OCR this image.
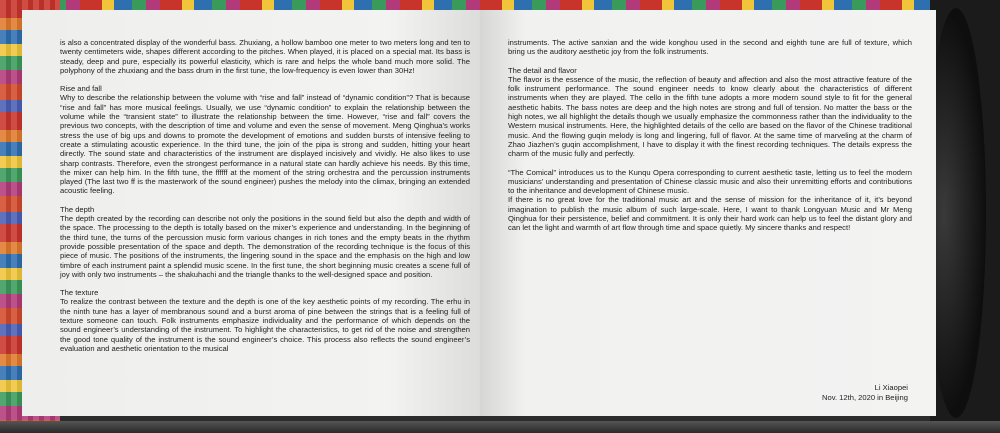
is also a concentrated display of the wonderful bass. Zhuxiang, a hollow bamboo one meter to two meters long and ten to twenty centimeters wide, shapes different according to the pitches. When played, it is placed on a special mat. Its bass is steady, deep and pure, especially its powerful elasticity, which is rare and helps the whole band much more solid. The polyphony of the zhuxiang and the bass drum in the first tune, the low-frequency is even lower than 30Hz!

Rise and fall

Why to describe the relationship between the volume with “rise and fall” instead of “dynamic condition”? That is because “rise and fall” has more musical feelings. Usually, we use “dynamic condition” to explain the relationship between the volume while the “transient state” to illustrate the relationship between the time. However, “rise and fall” covers the previous two concepts, with the description of time and volume and even the sense of movement. Meng Qinghua’s works stress the use of big ups and downs to promote the development of emotions and sudden bursts of intensive feeling to create a stimulating acoustic experience. In the third tune, the join of the pipa is strong and sudden, hitting your heart directly. The sound state and characteristics of the instrument are displayed incisively and vividly. He also likes to use sharp contrasts. Therefore, even the strongest performance in a natural state can hardly achieve his needs. By this time, the mixer can help him. In the fifth tune, the ffffff at the moment of the string orchestra and the percussion instruments played (The last two ff is the masterwork of the sound engineer) pushes the melody into the climax, bringing an extended acoustic feeling.

The depth

The depth created by the recording can describe not only the positions in the sound field but also the depth and width of the space. The processing to the depth is totally based on the mixer’s experience and understanding. In the beginning of the third tune, the turns of the percussion music form various changes in rich tones and the empty beats in the rhythm provide possible presentation of the space and depth. The demonstration of the recording technique is the focus of this piece of music. The positions of the instruments, the lingering sound in the space and the emphasis on the high and low timbre of each instrument paint a splendid music scene. In the first tune, the short beginning music creates a scene full of joy with only two instruments – the shakuhachi and the triangle thanks to the well-designed space and position.

The texture

To realize the contrast between the texture and the depth is one of the key aesthetic points of my recording. The erhu in the ninth tune has a layer of membranous sound and a burst aroma of pine between the strings that is a feeling full of texture someone can touch. Folk instruments emphasize individuality and the performance of which depends on the sound engineer’s understanding of the instrument. To highlight the characteristics, to get rid of the noise and strengthen the good tone quality of the instrument is the sound engineer’s choice. This process also reflects the sound engineer’s evaluation and aesthetic orientation to the musical

instruments. The active sanxian and the wide konghou used in the second and eighth tune are full of texture, which bring us the auditory aesthetic joy from the folk instruments.

The detail and flavor

The flavor is the essence of the music, the reflection of beauty and affection and also the most attractive feature of the folk instrument performance. The sound engineer needs to know clearly about the characteristics of different instruments when they are played. The cello in the fifth tune adopts a more modern sound style to fit for the general aesthetic habits. The bass notes are deep and the high notes are strong and full of tension. No matter the bass or the high notes, we all highlight the details though we usually emphasize the commonness rather than the individuality to the Western musical instruments. Here, the highlighted details of the cello are based on the flavor of the Chinese traditional music. And the flowing guqin melody is long and lingering, full of flavor. At the same time of marveling at the charm of Zhao Jiazhen’s guqin accomplishment, I have to display it with the finest recording techniques. The details express the charm of the music fully and perfectly.

“The Comical” introduces us to the Kunqu Opera corresponding to current aesthetic taste, letting us to feel the modern musicians’ understanding and presentation of Chinese classic music and also their unremitting efforts and contributions to the inheritance and development of Chinese music.

If there is no great love for the traditional music art and the sense of mission for the inheritance of it, it’s beyond imagination to publish the music album of such large-scale. Here, I want to thank Longyuan Music and Mr Meng Qinghua for their persistence, belief and commitment. It is only their hard work can help us to feel the distant glory and can let the light and warmth of art flow through time and space quietly. My sincere thanks and respect!

Li Xiaopei
Nov. 12th, 2020 in Beijing
